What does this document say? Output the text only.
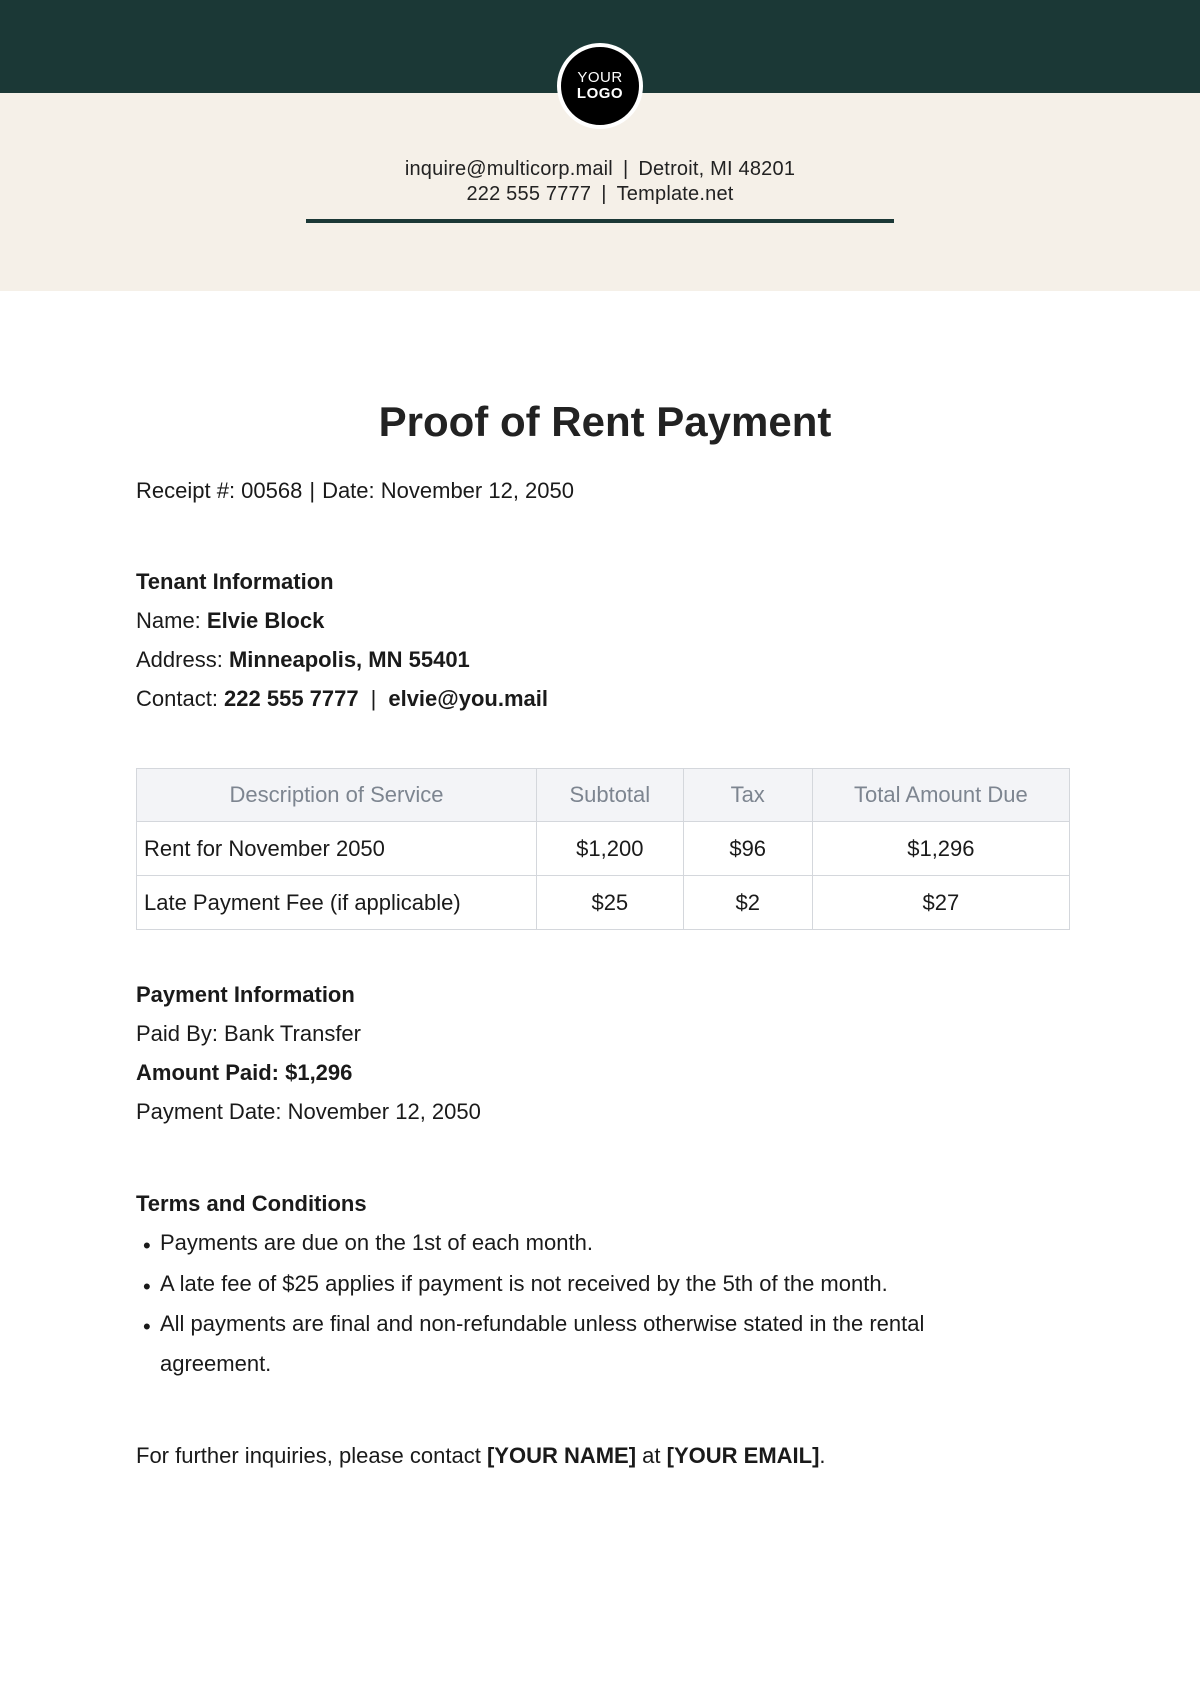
YOUR
LOGO
inquire@multicorp.mail | Detroit, MI 48201
222 555 7777 | Template.net
Proof of Rent Payment
Receipt #: 00568 | Date: November 12, 2050
Tenant Information
Name: Elvie Block
Address: Minneapolis, MN 55401
Contact: 222 555 7777 | elvie@you.mail
Description of Service	Subtotal	Tax	Total Amount Due
Rent for November 2050	$1,200	$96	$1,296
Late Payment Fee (if applicable)	$25	$2	$27
Payment Information
Paid By: Bank Transfer
Amount Paid: $1,296
Payment Date: November 12, 2050
Terms and Conditions
• Payments are due on the 1st of each month.
• A late fee of $25 applies if payment is not received by the 5th of the month.
• All payments are final and non-refundable unless otherwise stated in the rental agreement.
For further inquiries, please contact [YOUR NAME] at [YOUR EMAIL].
